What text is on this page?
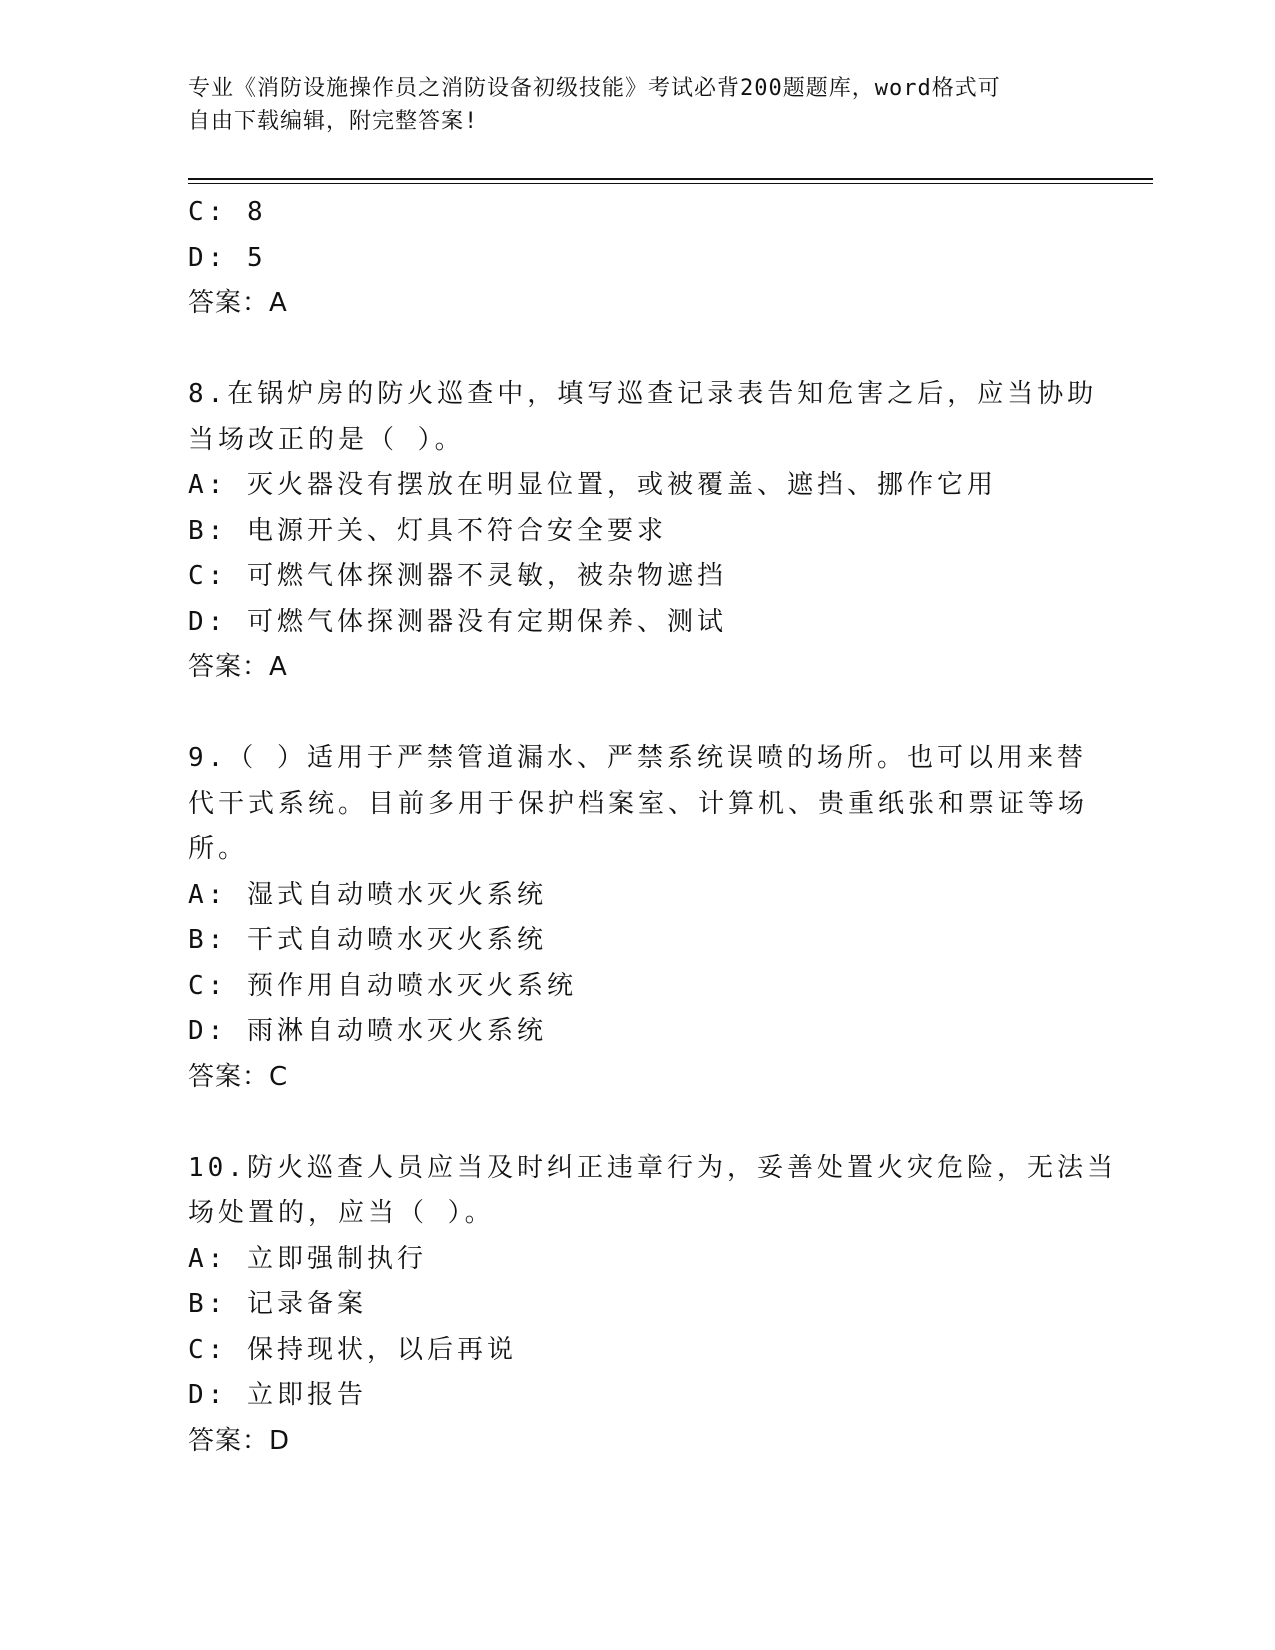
专业《消防设施操作员之消防设备初级技能》考试必背200题题库，word格式可
自由下载编辑，附完整答案!
C: 8
D: 5
答案：A
8.在锅炉房的防火巡查中，填写巡查记录表告知危害之后，应当协助
当场改正的是（ ）。
A: 灭火器没有摆放在明显位置，或被覆盖、遮挡、挪作它用
B: 电源开关、灯具不符合安全要求
C: 可燃气体探测器不灵敏，被杂物遮挡
D: 可燃气体探测器没有定期保养、测试
答案：A
9.（ ）适用于严禁管道漏水、严禁系统误喷的场所。也可以用来替
代干式系统。目前多用于保护档案室、计算机、贵重纸张和票证等场
所。
A: 湿式自动喷水灭火系统
B: 干式自动喷水灭火系统
C: 预作用自动喷水灭火系统
D: 雨淋自动喷水灭火系统
答案：C
10.防火巡查人员应当及时纠正违章行为，妥善处置火灾危险，无法当
场处置的，应当（ ）。
A: 立即强制执行
B: 记录备案
C: 保持现状，以后再说
D: 立即报告
答案：D
